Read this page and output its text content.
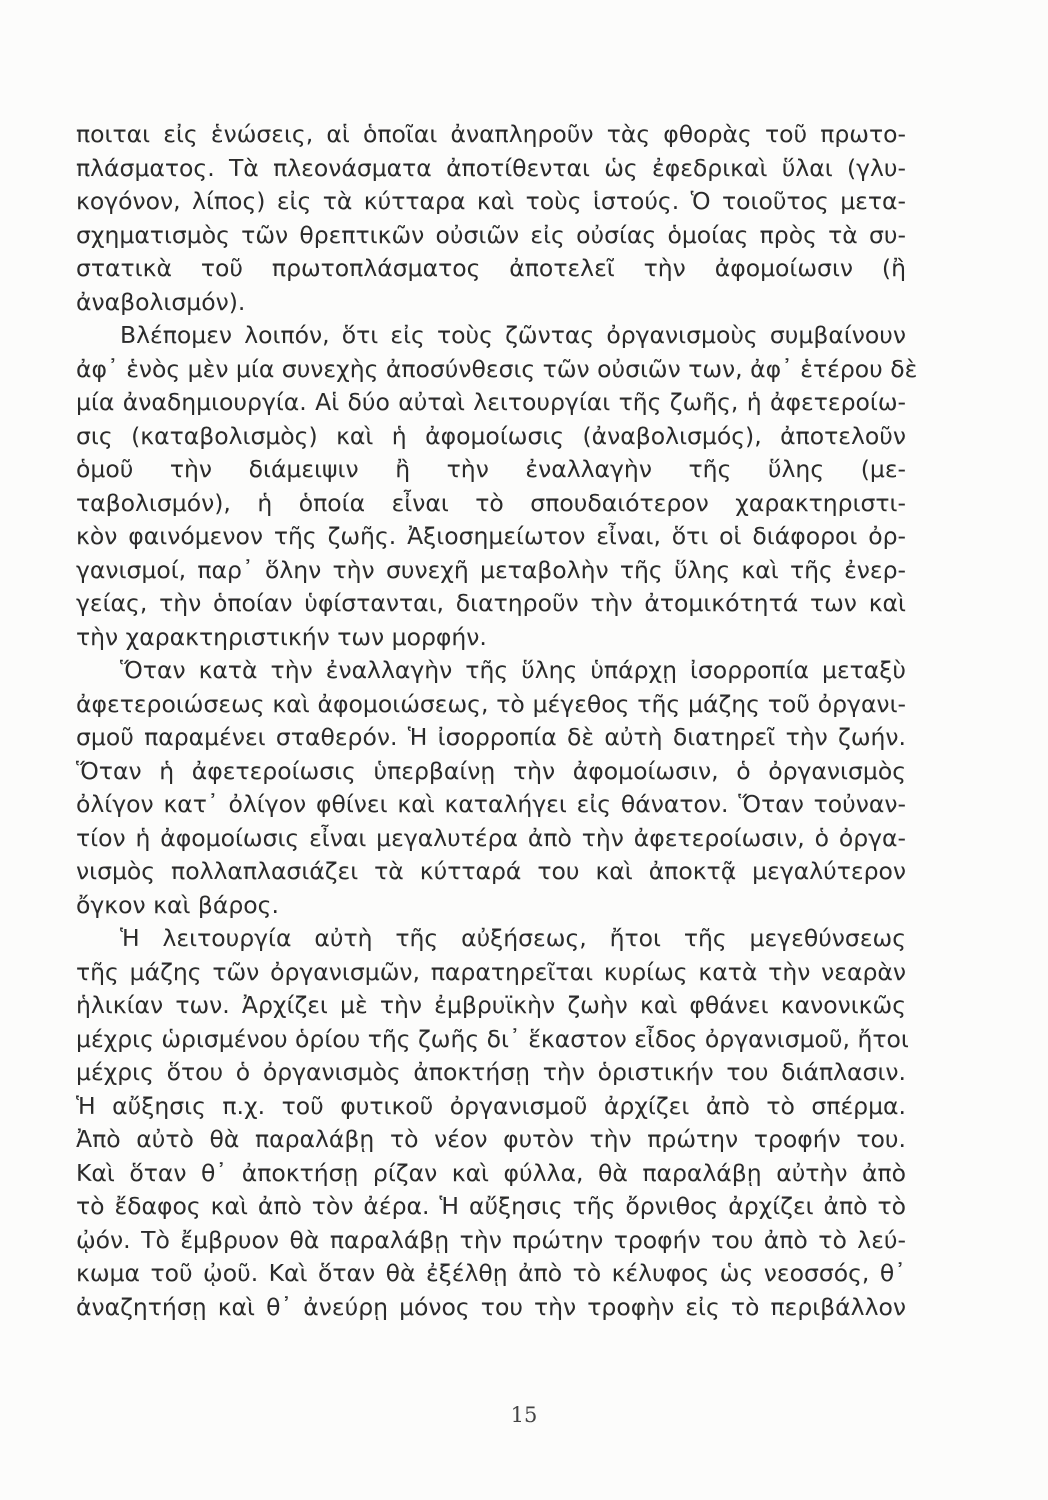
ποιται εἰς ἑνώσεις, αἱ ὁποῖαι ἀναπληροῦν τὰς φθορὰς τοῦ πρωτο-
πλάσματος. Τὰ πλεονάσματα ἀποτίθενται ὡς ἐφεδρικαὶ ὕλαι (γλυ-
κογόνον, λίπος) εἰς τὰ κύτταρα καὶ τοὺς ἱστούς. Ὁ τοιοῦτος μετα-
σχηματισμὸς τῶν θρεπτικῶν οὐσιῶν εἰς οὐσίας ὁμοίας πρὸς τὰ συ-
στατικὰ τοῦ πρωτοπλάσματος ἀποτελεῖ τὴν ἀφομοίωσιν (ἢ
ἀναβολισμόν).
Βλέπομεν λοιπόν, ὅτι εἰς τοὺς ζῶντας ὀργανισμοὺς συμβαίνουν
ἀφ᾽ ἑνὸς μὲν μία συνεχὴς ἀποσύνθεσις τῶν οὐσιῶν των, ἀφ᾽ ἑτέρου δὲ
μία ἀναδημιουργία. Αἱ δύο αὐταὶ λειτουργίαι τῆς ζωῆς, ἡ ἀφετεροίω-
σις (καταβολισμὸς) καὶ ἡ ἀφομοίωσις (ἀναβολισμός), ἀποτελοῦν
ὁμοῦ τὴν διάμειψιν ἢ τὴν ἐναλλαγὴν τῆς ὕλης (με-
ταβολισμόν), ἡ ὁποία εἶναι τὸ σπουδαιότερον χαρακτηριστι-
κὸν φαινόμενον τῆς ζωῆς. Ἀξιοσημείωτον εἶναι, ὅτι οἱ διάφοροι ὀρ-
γανισμοί, παρ᾽ ὅλην τὴν συνεχῆ μεταβολὴν τῆς ὕλης καὶ τῆς ἐνερ-
γείας, τὴν ὁποίαν ὑφίστανται, διατηροῦν τὴν ἀτομικότητά των καὶ
τὴν χαρακτηριστικήν των μορφήν.
Ὅταν κατὰ τὴν ἐναλλαγὴν τῆς ὕλης ὑπάρχῃ ἰσορροπία μεταξὺ
ἀφετεροιώσεως καὶ ἀφομοιώσεως, τὸ μέγεθος τῆς μάζης τοῦ ὀργανι-
σμοῦ παραμένει σταθερόν. Ἡ ἰσορροπία δὲ αὐτὴ διατηρεῖ τὴν ζωήν.
Ὅταν ἡ ἀφετεροίωσις ὑπερβαίνῃ τὴν ἀφομοίωσιν, ὁ ὀργανισμὸς
ὀλίγον κατ᾽ ὀλίγον φθίνει καὶ καταλήγει εἰς θάνατον. Ὅταν τοὐναν-
τίον ἡ ἀφομοίωσις εἶναι μεγαλυτέρα ἀπὸ τὴν ἀφετεροίωσιν, ὁ ὀργα-
νισμὸς πολλαπλασιάζει τὰ κύτταρά του καὶ ἀποκτᾷ μεγαλύτερον
ὄγκον καὶ βάρος.
Ἡ λειτουργία αὐτὴ τῆς αὐξήσεως, ἤτοι τῆς μεγεθύνσεως
τῆς μάζης τῶν ὀργανισμῶν, παρατηρεῖται κυρίως κατὰ τὴν νεαρὰν
ἡλικίαν των. Ἀρχίζει μὲ τὴν ἐμβρυϊκὴν ζωὴν καὶ φθάνει κανονικῶς
μέχρις ὡρισμένου ὁρίου τῆς ζωῆς δι᾽ ἕκαστον εἶδος ὀργανισμοῦ, ἤτοι
μέχρις ὅτου ὁ ὀργανισμὸς ἀποκτήσῃ τὴν ὁριστικήν του διάπλασιν.
Ἡ αὔξησις π.χ. τοῦ φυτικοῦ ὀργανισμοῦ ἀρχίζει ἀπὸ τὸ σπέρμα.
Ἀπὸ αὐτὸ θὰ παραλάβῃ τὸ νέον φυτὸν τὴν πρώτην τροφήν του.
Καὶ ὅταν θ᾽ ἀποκτήσῃ ρίζαν καὶ φύλλα, θὰ παραλάβῃ αὐτὴν ἀπὸ
τὸ ἔδαφος καὶ ἀπὸ τὸν ἀέρα. Ἡ αὔξησις τῆς ὄρνιθος ἀρχίζει ἀπὸ τὸ
ᾠόν. Τὸ ἔμβρυον θὰ παραλάβῃ τὴν πρώτην τροφήν του ἀπὸ τὸ λεύ-
κωμα τοῦ ᾠοῦ. Καὶ ὅταν θὰ ἐξέλθῃ ἀπὸ τὸ κέλυφος ὡς νεοσσός, θ᾽
ἀναζητήσῃ καὶ θ᾽ ἀνεύρῃ μόνος του τὴν τροφὴν εἰς τὸ περιβάλλον
15
